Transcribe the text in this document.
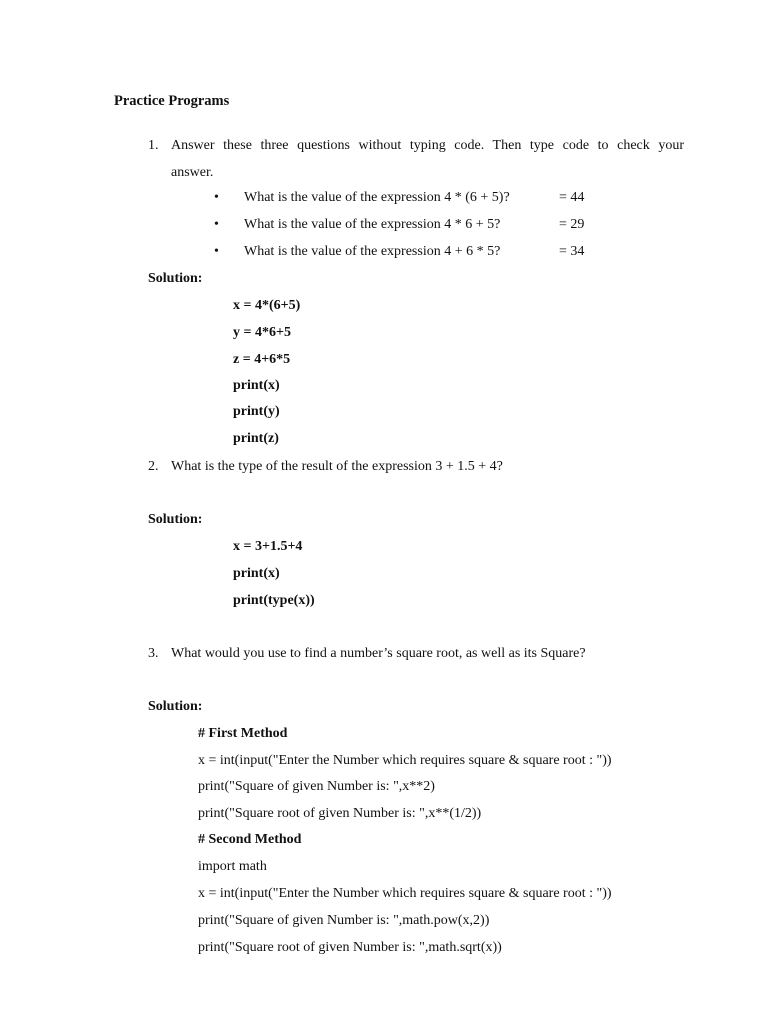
Practice Programs
1. Answer these three questions without typing code. Then type code to check your
answer.
• What is the value of the expression 4 * (6 + 5)?	= 44
• What is the value of the expression 4 * 6 + 5?	= 29
• What is the value of the expression 4 + 6 * 5?	= 34
Solution:
x = 4*(6+5)
y = 4*6+5
z = 4+6*5
print(x)
print(y)
print(z)
2. What is the type of the result of the expression 3 + 1.5 + 4?
Solution:
x = 3+1.5+4
print(x)
print(type(x))
3. What would you use to find a number’s square root, as well as its Square?
Solution:
# First Method
x = int(input("Enter the Number which requires square & square root : "))
print("Square of given Number is: ",x**2)
print("Square root of given Number is: ",x**(1/2))
# Second Method
import math
x = int(input("Enter the Number which requires square & square root : "))
print("Square of given Number is: ",math.pow(x,2))
print("Square root of given Number is: ",math.sqrt(x))
